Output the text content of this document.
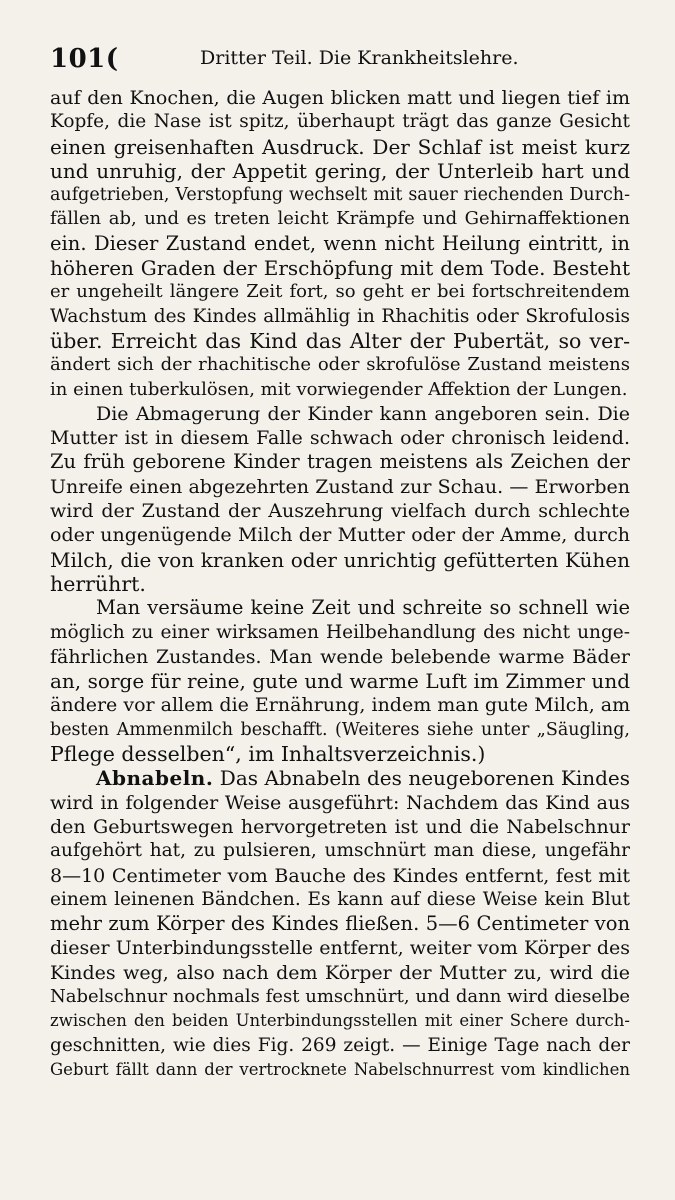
101(	Dritter Teil. Die Krankheitslehre.
auf den Knochen, die Augen blicken matt und liegen tief im
Kopfe, die Nase ist spitz, überhaupt trägt das ganze Gesicht
einen greisenhaften Ausdruck. Der Schlaf ist meist kurz
und unruhig, der Appetit gering, der Unterleib hart und
aufgetrieben, Verstopfung wechselt mit sauer riechenden Durch-
fällen ab, und es treten leicht Krämpfe und Gehirnaffektionen
ein. Dieser Zustand endet, wenn nicht Heilung eintritt, in
höheren Graden der Erschöpfung mit dem Tode. Besteht
er ungeheilt längere Zeit fort, so geht er bei fortschreitendem
Wachstum des Kindes allmählig in Rhachitis oder Skrofulosis
über. Erreicht das Kind das Alter der Pubertät, so ver-
ändert sich der rhachitische oder skrofulöse Zustand meistens
in einen tuberkulösen, mit vorwiegender Affektion der Lungen.
Die Abmagerung der Kinder kann angeboren sein. Die
Mutter ist in diesem Falle schwach oder chronisch leidend.
Zu früh geborene Kinder tragen meistens als Zeichen der
Unreife einen abgezehrten Zustand zur Schau. — Erworben
wird der Zustand der Auszehrung vielfach durch schlechte
oder ungenügende Milch der Mutter oder der Amme, durch
Milch, die von kranken oder unrichtig gefütterten Kühen
herrührt.
Man versäume keine Zeit und schreite so schnell wie
möglich zu einer wirksamen Heilbehandlung des nicht unge-
fährlichen Zustandes. Man wende belebende warme Bäder
an, sorge für reine, gute und warme Luft im Zimmer und
ändere vor allem die Ernährung, indem man gute Milch, am
besten Ammenmilch beschafft. (Weiteres siehe unter „Säugling,
Pflege desselben“, im Inhaltsverzeichnis.)
Abnabeln. Das Abnabeln des neugeborenen Kindes
wird in folgender Weise ausgeführt: Nachdem das Kind aus
den Geburtswegen hervorgetreten ist und die Nabelschnur
aufgehört hat, zu pulsieren, umschnürt man diese, ungefähr
8—10 Centimeter vom Bauche des Kindes entfernt, fest mit
einem leinenen Bändchen. Es kann auf diese Weise kein Blut
mehr zum Körper des Kindes fließen. 5—6 Centimeter von
dieser Unterbindungsstelle entfernt, weiter vom Körper des
Kindes weg, also nach dem Körper der Mutter zu, wird die
Nabelschnur nochmals fest umschnürt, und dann wird dieselbe
zwischen den beiden Unterbindungsstellen mit einer Schere durch-
geschnitten, wie dies Fig. 269 zeigt. — Einige Tage nach der
Geburt fällt dann der vertrocknete Nabelschnurrest vom kindlichen
